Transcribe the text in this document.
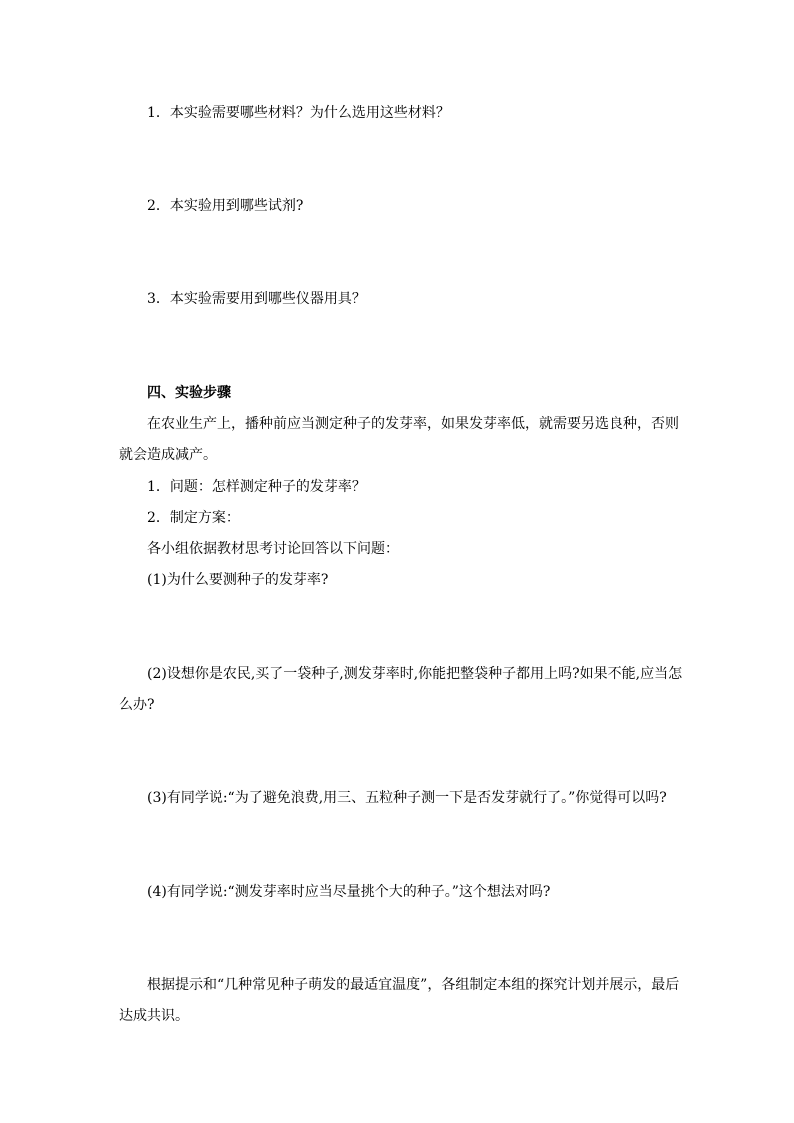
1．本实验需要哪些材料？为什么选用这些材料？
2．本实验用到哪些试剂?
3．本实验需要用到哪些仪器用具？
四、实验步骤
在农业生产上，播种前应当测定种子的发芽率，如果发芽率低，就需要另选良种，否则
就会造成减产。
1．问题：怎样测定种子的发芽率？
2．制定方案：
各小组依据教材思考讨论回答以下问题：
(1)为什么要测种子的发芽率?
(2)设想你是农民,买了一袋种子,测发芽率时,你能把整袋种子都用上吗?如果不能,应当怎
么办?
(3)有同学说:“为了避免浪费,用三、五粒种子测一下是否发芽就行了。”你觉得可以吗?
(4)有同学说:“测发芽率时应当尽量挑个大的种子。”这个想法对吗?
根据提示和“几种常见种子萌发的最适宜温度”，各组制定本组的探究计划并展示，最后
达成共识。
